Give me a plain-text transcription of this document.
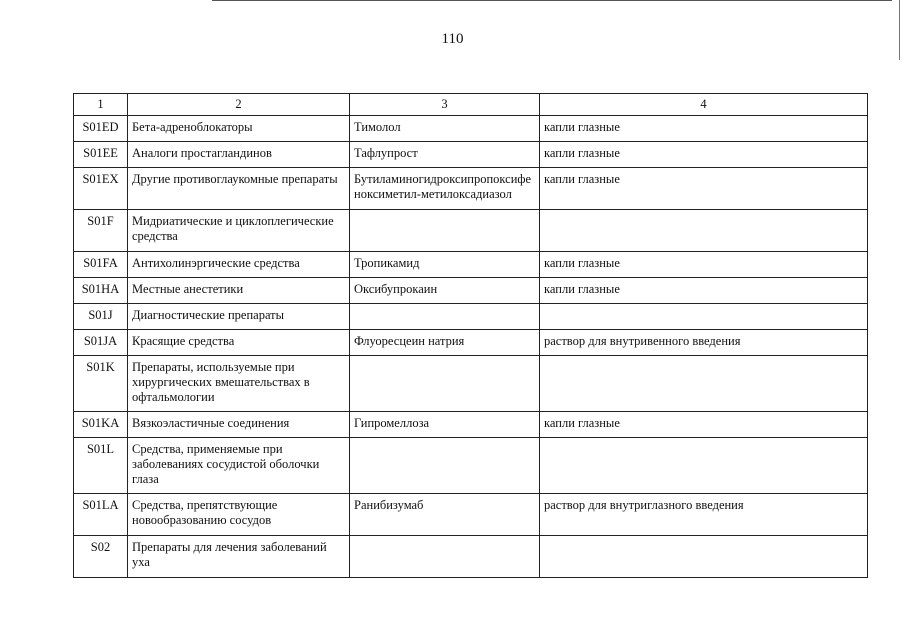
110
1	2	3	4
S01ED	Бета-адреноблокаторы	Тимолол	капли глазные
S01EE	Аналоги простагландинов	Тафлупрост	капли глазные
S01EX	Другие противоглаукомные препараты	Бутиламиногидроксипропоксифеноксиметил-метилоксадиазол	капли глазные
S01F	Мидриатические и циклоплегические средства		
S01FA	Антихолинэргические средства	Тропикамид	капли глазные
S01HA	Местные анестетики	Оксибупрокаин	капли глазные
S01J	Диагностические препараты		
S01JA	Красящие средства	Флуоресцеин натрия	раствор для внутривенного введения
S01K	Препараты, используемые при хирургических вмешательствах в офтальмологии		
S01KA	Вязкоэластичные соединения	Гипромеллоза	капли глазные
S01L	Средства, применяемые при заболеваниях сосудистой оболочки глаза		
S01LA	Средства, препятствующие новообразованию сосудов	Ранибизумаб	раствор для внутриглазного введения
S02	Препараты для лечения заболеваний уха		
